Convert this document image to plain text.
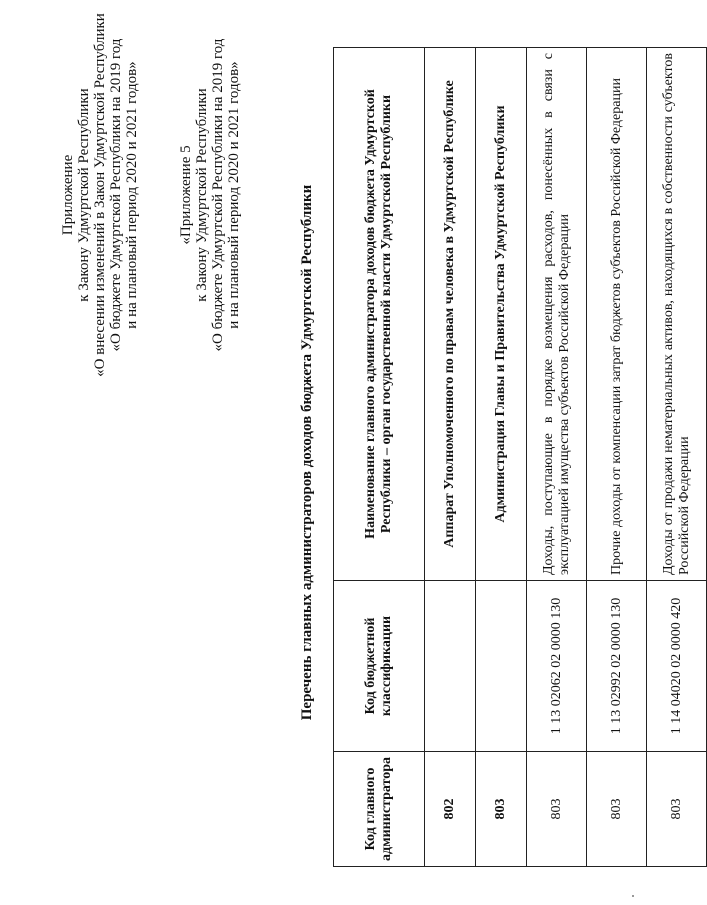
Приложение к Закону Удмуртской Республики «О внесении изменений в Закон Удмуртской Республики «О бюджете Удмуртской Республики на 2019 год и на плановый период 2020 и 2021 годов»	«Приложение 5 к Закону Удмуртской Республики «О бюджете Удмуртской Республики на 2019 год и на плановый период 2020 и 2021 годов»	Перечень главных администраторов доходов бюджета Удмуртской Республики
Код главного администратора	Код бюджетной классификации	Наименование главного администратора доходов бюджета Удмуртской Республики – орган государственной власти Удмуртской Республики
802		Аппарат Уполномоченного по правам человека в Удмуртской Республике
803		Администрация Главы и Правительства Удмуртской Республики
803	1 13 02062 02 0000 130	Доходы, поступающие в порядке возмещения расходов, понесённых в связи с эксплуатацией имущества субъектов Российской Федерации
803	1 13 02992 02 0000 130	Прочие доходы от компенсации затрат бюджетов субъектов Российской Федерации
803	1 14 04020 02 0000 420	Доходы от продажи нематериальных активов, находящихся в собственности субъектов Российской Федерации
